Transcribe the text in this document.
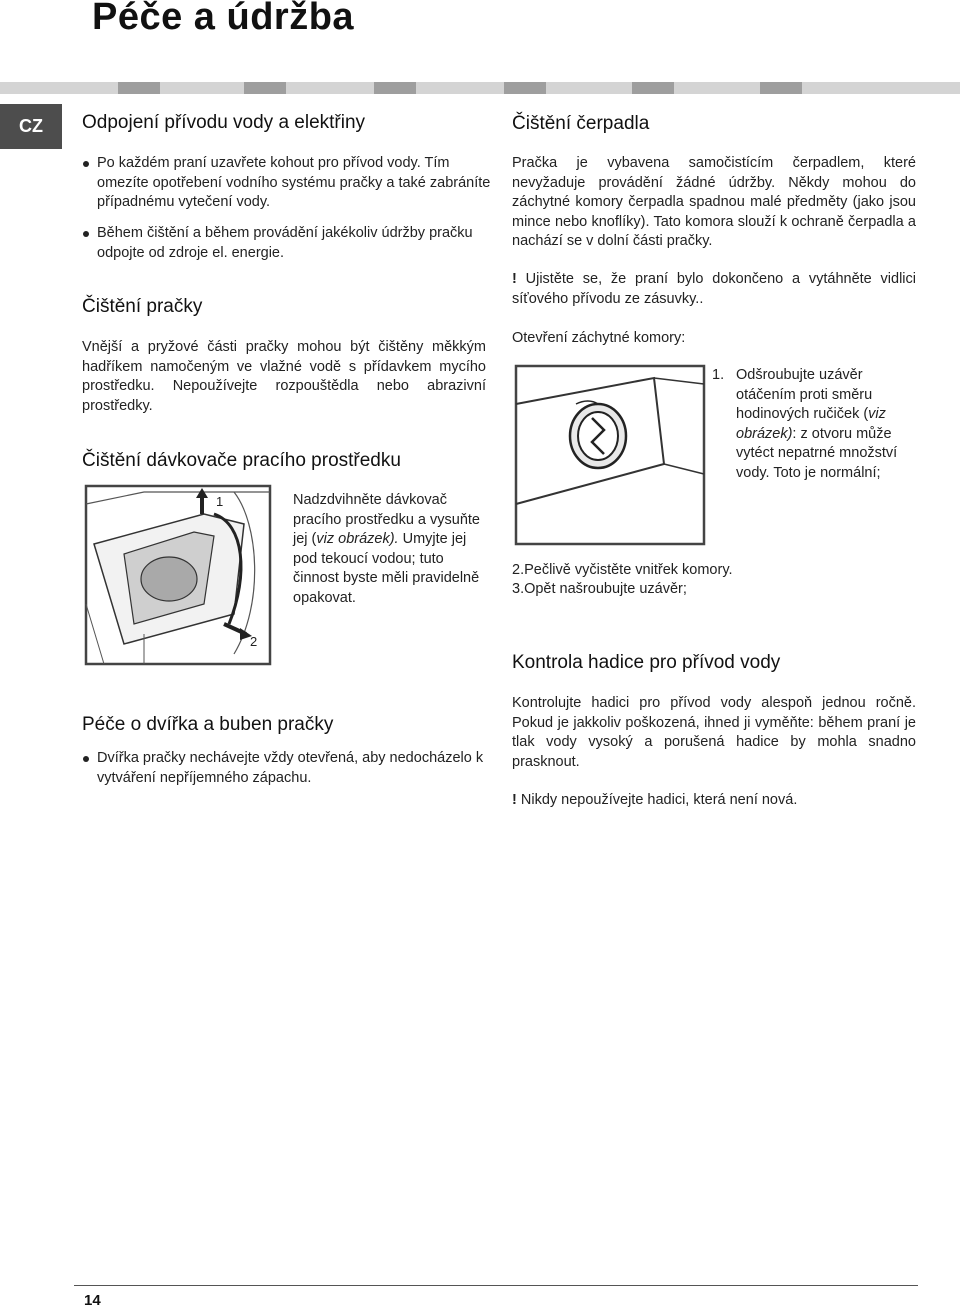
Péče a údržba
CZ	Odpojení přívodu vody a elektřiny

Po každém praní uzavřete kohout pro přívod vody. Tím omezíte opotřebení vodního systému pračky a také zabráníte případnému vytečení vody.

Během čištění a během provádění jakékoliv údržby pračku odpojte od zdroje el. energie.

Čištění pračky

Vnější a pryžové části pračky mohou být čištěny měkkým hadříkem namočeným ve vlažné vodě s přídavkem mycího prostředku. Nepoužívejte rozpouštědla nebo abrazivní prostředky.

Čištění dávkovače pracího prostředku
1
2

Nadzdvihněte dávkovač pracího prostředku a vysuňte jej (viz obrázek). Umyjte jej pod tekoucí vodou; tuto činnost byste měli pravidelně opakovat.

Péče o dvířka a buben pračky

Dvířka pračky nechávejte vždy otevřená, aby nedocházelo k vytváření nepříjemného zápachu.

Čištění čerpadla

Pračka je vybavena samočistícím čerpadlem, které nevyžaduje provádění žádné údržby. Někdy mohou do záchytné komory čerpadla spadnou malé předměty (jako jsou mince nebo knoflíky). Tato komora slouží k ochraně čerpadla a nachází se v dolní části pračky.

! Ujistěte se, že praní bylo dokončeno a vytáhněte vidlici síťového přívodu ze zásuvky..

Otevření záchytné komory:

1. Odšroubujte uzávěr otáčením proti směru hodinových ručiček (viz obrázek): z otvoru může vytéct nepatrné množství vody. Toto je normální;

2.Pečlivě vyčistěte vnitřek komory.

3.Opět našroubujte uzávěr;

Kontrola hadice pro přívod vody

Kontrolujte hadici pro přívod vody alespoň jednou ročně. Pokud je jakkoliv poškozená, ihned ji vyměňte: během praní je tlak vody vysoký a porušená hadice by mohla snadno prasknout.

! Nikdy nepoužívejte hadici, která není nová.

14
